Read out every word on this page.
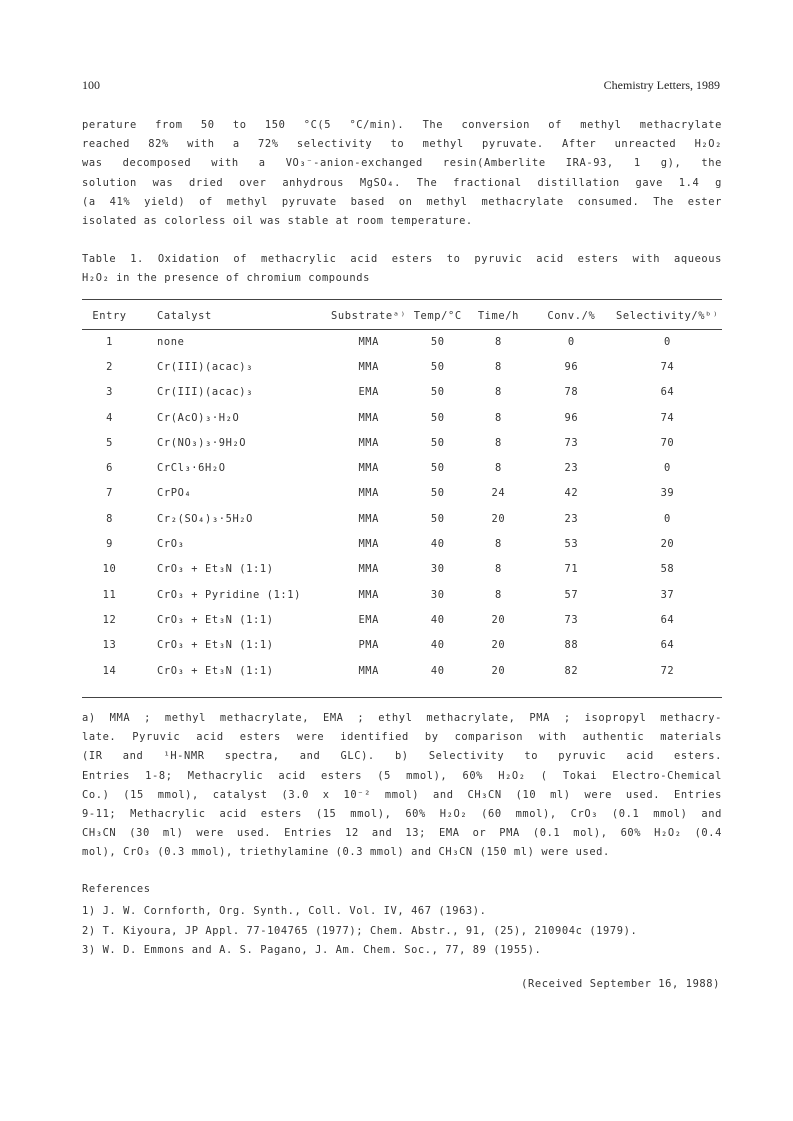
100	Chemistry Letters, 1989
perature from 50 to 150 °C(5 °C/min). The conversion of methyl methacrylate
reached 82% with a 72% selectivity to methyl pyruvate. After unreacted H₂O₂
was decomposed with a VO₃⁻-anion-exchanged resin(Amberlite IRA-93, 1 g), the
solution was dried over anhydrous MgSO₄. The fractional distillation gave 1.4 g
(a 41% yield) of methyl pyruvate based on methyl methacrylate consumed. The ester
isolated as colorless oil was stable at room temperature.
Table 1. Oxidation of methacrylic acid esters to pyruvic acid esters with aqueous
H₂O₂ in the presence of chromium compounds
Entry	Catalyst	Substrateᵃ⁾	Temp/°C	Time/h	Conv./%	Selectivity/%ᵇ⁾
1	none	MMA	50	8	0	0
2	Cr(III)(acac)₃	MMA	50	8	96	74
3	Cr(III)(acac)₃	EMA	50	8	78	64
4	Cr(AcO)₃·H₂O	MMA	50	8	96	74
5	Cr(NO₃)₃·9H₂O	MMA	50	8	73	70
6	CrCl₃·6H₂O	MMA	50	8	23	0
7	CrPO₄	MMA	50	24	42	39
8	Cr₂(SO₄)₃·5H₂O	MMA	50	20	23	0
9	CrO₃	MMA	40	8	53	20
10	CrO₃ + Et₃N (1:1)	MMA	30	8	71	58
11	CrO₃ + Pyridine (1:1)	MMA	30	8	57	37
12	CrO₃ + Et₃N (1:1)	EMA	40	20	73	64
13	CrO₃ + Et₃N (1:1)	PMA	40	20	88	64
14	CrO₃ + Et₃N (1:1)	MMA	40	20	82	72
a) MMA ; methyl methacrylate, EMA ; ethyl methacrylate, PMA ; isopropyl methacry-
late. Pyruvic acid esters were identified by comparison with authentic materials
(IR and ¹H-NMR spectra, and GLC). b) Selectivity to pyruvic acid esters.
Entries 1-8; Methacrylic acid esters (5 mmol), 60% H₂O₂ ( Tokai Electro-Chemical
Co.) (15 mmol), catalyst (3.0 x 10⁻² mmol) and CH₃CN (10 ml) were used. Entries
9-11; Methacrylic acid esters (15 mmol), 60% H₂O₂ (60 mmol), CrO₃ (0.1 mmol) and
CH₃CN (30 ml) were used. Entries 12 and 13; EMA or PMA (0.1 mol), 60% H₂O₂ (0.4
mol), CrO₃ (0.3 mmol), triethylamine (0.3 mmol) and CH₃CN (150 ml) were used.
References
1) J. W. Cornforth, Org. Synth., Coll. Vol. IV, 467 (1963).
2) T. Kiyoura, JP Appl. 77-104765 (1977); Chem. Abstr., 91, (25), 210904c (1979).
3) W. D. Emmons and A. S. Pagano, J. Am. Chem. Soc., 77, 89 (1955).
(Received September 16, 1988)
